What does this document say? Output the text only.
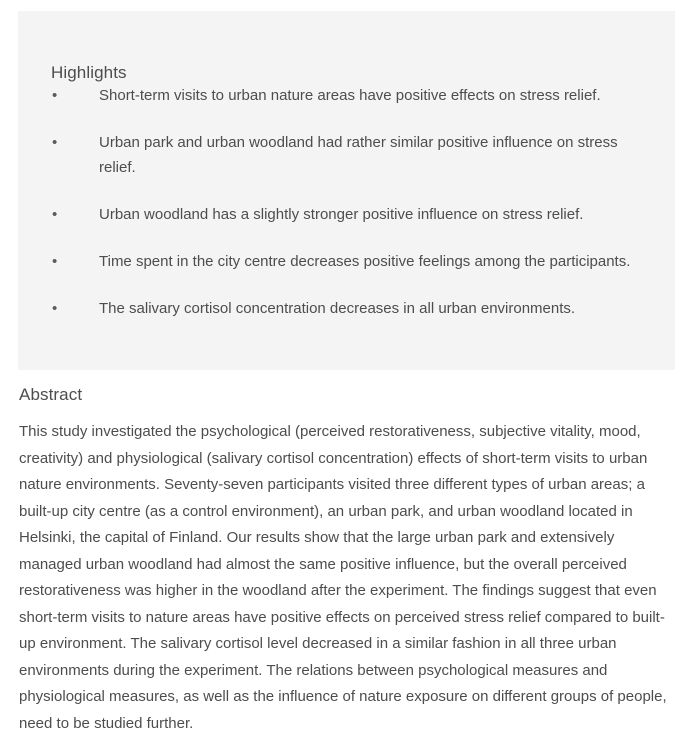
Highlights
•	Short-term visits to urban nature areas have positive effects on stress relief.
•	Urban park and urban woodland had rather similar positive influence on stress relief.
•	Urban woodland has a slightly stronger positive influence on stress relief.
•	Time spent in the city centre decreases positive feelings among the participants.
•	The salivary cortisol concentration decreases in all urban environments.
Abstract

This study investigated the psychological (perceived restorativeness, subjective vitality, mood, creativity) and physiological (salivary cortisol concentration) effects of short-term visits to urban nature environments. Seventy-seven participants visited three different types of urban areas; a built-up city centre (as a control environment), an urban park, and urban woodland located in Helsinki, the capital of Finland. Our results show that the large urban park and extensively managed urban woodland had almost the same positive influence, but the overall perceived restorativeness was higher in the woodland after the experiment. The findings suggest that even short-term visits to nature areas have positive effects on perceived stress relief compared to built-up environment. The salivary cortisol level decreased in a similar fashion in all three urban environments during the experiment. The relations between psychological measures and physiological measures, as well as the influence of nature exposure on different groups of people, need to be studied further.
